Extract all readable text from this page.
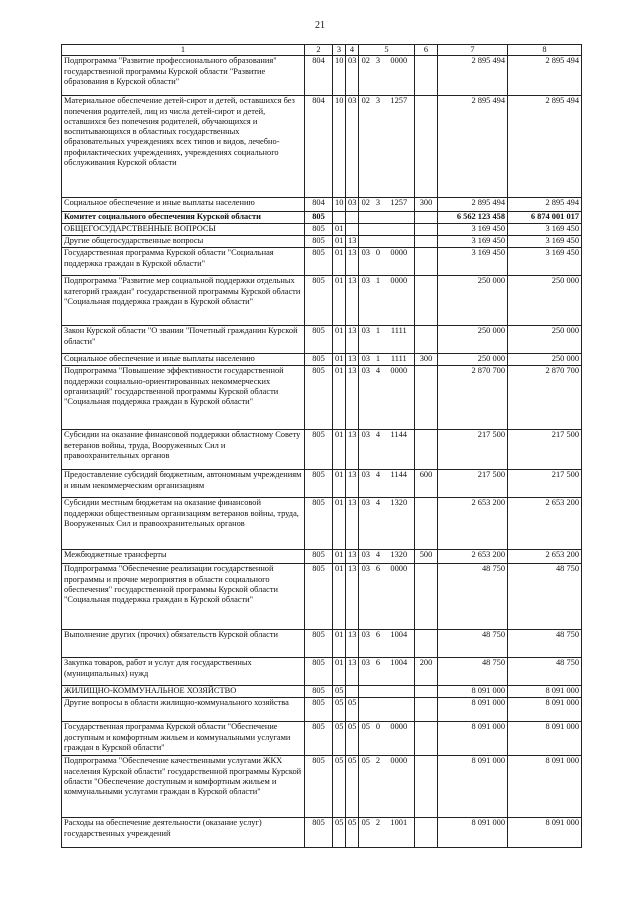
21
1	2	3	4	5			6	7	8
Подпрограмма "Развитие профессионального образования" государственной программы Курской области "Развитие образования в Курской области"	804	10	03	02	3	0000		2 895 494	2 895 494
Материальное обеспечение детей-сирот и детей, оставшихся без попечения родителей, лиц из числа детей-сирот и детей, оставшихся без попечения родителей, обучающихся и воспитывающихся в областных государственных образовательных учреждениях всех типов и видов, лечебно-профилактических учреждениях, учреждениях социального обслуживания Курской области	804	10	03	02	3	1257		2 895 494	2 895 494
Социальное обеспечение и иные выплаты населению	804	10	03	02	3	1257	300	2 895 494	2 895 494
Комитет социального обеспечения Курской области	805							6 562 123 458	6 874 001 017
ОБЩЕГОСУДАРСТВЕННЫЕ ВОПРОСЫ	805	01						3 169 450	3 169 450
Другие общегосударственные вопросы	805	01	13					3 169 450	3 169 450
Государственная программа Курской области "Социальная поддержка граждан в Курской области"	805	01	13	03	0	0000		3 169 450	3 169 450
Подпрограмма "Развитие мер социальной поддержки отдельных категорий граждан" государственной программы Курской области "Социальная поддержка граждан в Курской области"	805	01	13	03	1	0000		250 000	250 000
Закон Курской области "О звании "Почетный гражданин Курской области"	805	01	13	03	1	1111		250 000	250 000
Социальное обеспечение и иные выплаты населению	805	01	13	03	1	1111	300	250 000	250 000
Подпрограмма "Повышение эффективности государственной поддержки социально-ориентированных некоммерческих организаций" государственной программы Курской области "Социальная поддержка граждан в Курской области"	805	01	13	03	4	0000		2 870 700	2 870 700
Субсидии на оказание финансовой поддержки областному Совету ветеранов войны, труда, Вооруженных Сил и правоохранительных органов	805	01	13	03	4	1144		217 500	217 500
Предоставление субсидий бюджетным, автономным учреждениям и иным некоммерческим организациям	805	01	13	03	4	1144	600	217 500	217 500
Субсидии местным бюджетам на оказание финансовой поддержки общественным организациям ветеранов войны, труда, Вооруженных Сил и правоохранительных органов	805	01	13	03	4	1320		2 653 200	2 653 200
Межбюджетные трансферты	805	01	13	03	4	1320	500	2 653 200	2 653 200
Подпрограмма "Обеспечение реализации государственной программы и прочие мероприятия в области социального обеспечения" государственной программы Курской области "Социальная поддержка граждан в Курской области"	805	01	13	03	6	0000		48 750	48 750
Выполнение других (прочих) обязательств Курской области	805	01	13	03	6	1004		48 750	48 750
Закупка товаров, работ и услуг для государственных (муниципальных) нужд	805	01	13	03	6	1004	200	48 750	48 750
ЖИЛИЩНО-КОММУНАЛЬНОЕ ХОЗЯЙСТВО	805	05						8 091 000	8 091 000
Другие вопросы в области жилищно-коммунального хозяйства	805	05	05					8 091 000	8 091 000
Государственная программа Курской области "Обеспечение доступным и комфортным жильем и коммунальными услугами граждан в Курской области"	805	05	05	05	0	0000		8 091 000	8 091 000
Подпрограмма "Обеспечение качественными услугами ЖКХ населения Курской области" государственной программы Курской области "Обеспечение доступным и комфортным жильем и коммунальными услугами граждан в Курской области"	805	05	05	05	2	0000		8 091 000	8 091 000
Расходы на обеспечение деятельности (оказание услуг) государственных учреждений	805	05	05	05	2	1001		8 091 000	8 091 000
